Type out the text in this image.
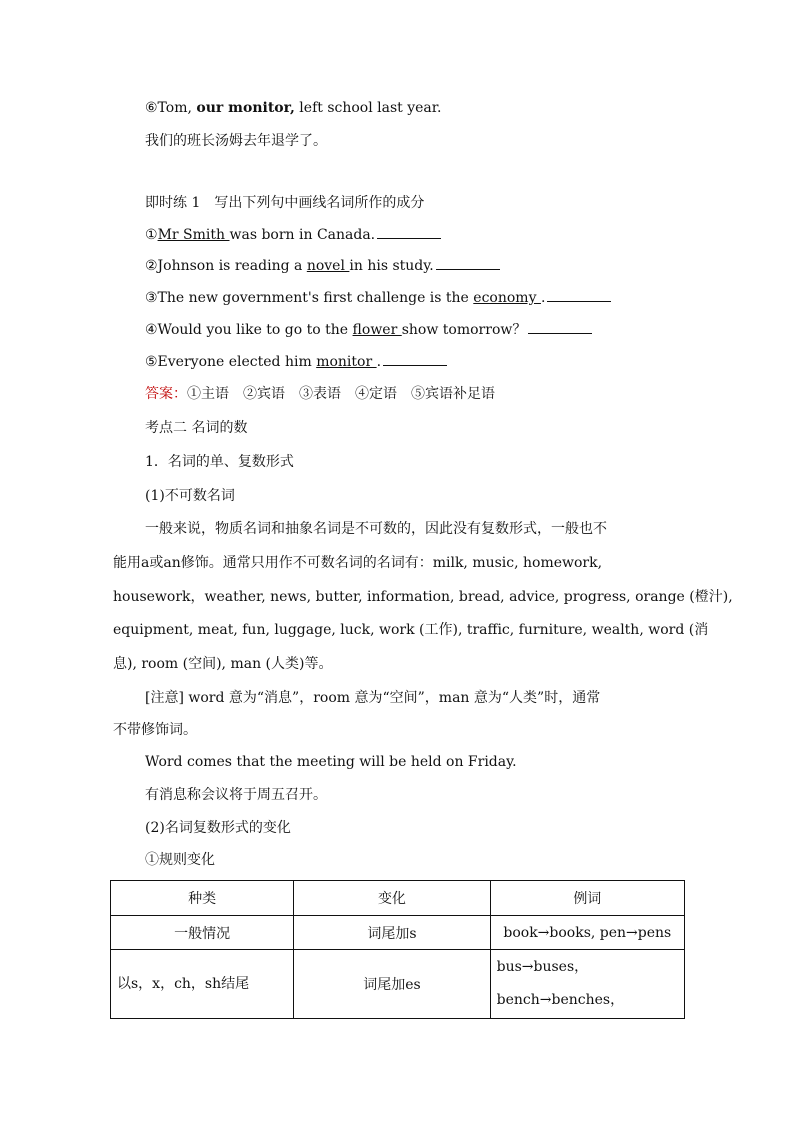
⑥Tom, our monitor, left school last year.
我们的班长汤姆去年退学了。
即时练 1　写出下列句中画线名词所作的成分
①Mr Smith was born in Canada.
②Johnson is reading a novel in his study.
③The new government's first challenge is the economy .
④Would you like to go to the flower show tomorrow？
⑤Everyone elected him monitor .
答案：①主语　②宾语　③表语　④定语　⑤宾语补足语
考点二 名词的数
1．名词的单、复数形式
(1)不可数名词
一般来说，物质名词和抽象名词是不可数的，因此没有复数形式，一般也不
能用a或an修饰。通常只用作不可数名词的名词有：milk, music, homework,
housework，weather, news, butter, information, bread, advice, progress, orange (橙汁),
equipment, meat, fun, luggage, luck, work (工作), traffic, furniture, wealth, word (消
息), room (空间), man (人类)等。
[注意] word 意为“消息”，room 意为“空间”，man 意为“人类”时，通常
不带修饰词。
Word comes that the meeting will be held on Friday.
有消息称会议将于周五召开。
(2)名词复数形式的变化
①规则变化
种类	变化	例词
一般情况	词尾加s	book→books, pen→pens
以s，x，ch，sh结尾	词尾加es	bus→buses，
bench→benches，
